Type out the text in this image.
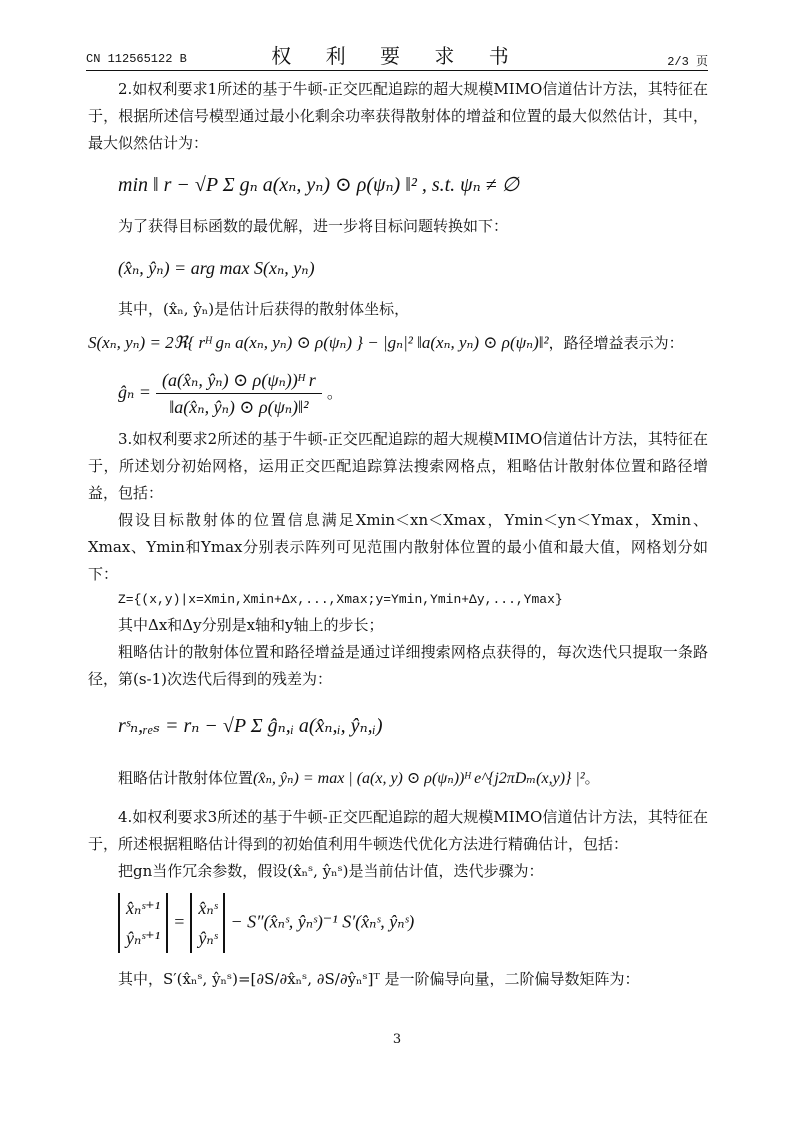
CN 112565122 B	权 利 要 求 书	2/3 页

2.如权利要求1所述的基于牛顿-正交匹配追踪的超大规模MIMO信道估计方法，其特征在于，根据所述信号模型通过最小化剩余功率获得散射体的增益和位置的最大似然估计，其中，最大似然估计为：

min ‖ r − √P Σ gₙ a(xₙ, yₙ) ⊙ ρ(ψₙ) ‖² , s.t. ψₙ ≠ ∅

为了获得目标函数的最优解，进一步将目标问题转换如下：

(x̂ₙ, ŷₙ) = arg max S(xₙ, yₙ)

其中，(x̂ₙ, ŷₙ)是估计后获得的散射体坐标，

S(xₙ, yₙ) = 2ℜ{ rᴴ gₙ a(xₙ, yₙ) ⊙ ρ(ψₙ) } − |gₙ|² ‖a(xₙ, yₙ) ⊙ ρ(ψₙ)‖²，路径增益表示为：

ĝₙ = $\frac{\text{(a(x̂ₙ, ŷₙ) ⊙ ρ(ψₙ))ᴴ r}}{\text{‖a(x̂ₙ, ŷₙ) ⊙ ρ(ψₙ)‖²}}$ 。

3.如权利要求2所述的基于牛顿-正交匹配追踪的超大规模MIMO信道估计方法，其特征在于，所述划分初始网格，运用正交匹配追踪算法搜索网格点，粗略估计散射体位置和路径增益，包括：

假设目标散射体的位置信息满足Xmin＜xn＜Xmax，Ymin＜yn＜Ymax，Xmin、Xmax、Ymin和Ymax分别表示阵列可见范围内散射体位置的最小值和最大值，网格划分如下：

Z={(x,y)|x=Xmin,Xmin+Δx,...,Xmax;y=Ymin,Ymin+Δy,...,Ymax}

其中Δx和Δy分别是x轴和y轴上的步长；

粗略估计的散射体位置和路径增益是通过详细搜索网格点获得的，每次迭代只提取一条路径，第(s-1)次迭代后得到的残差为：

rˢₙ,ᵣₑₛ = rₙ − √P Σ ĝₙ,ᵢ a(x̂ₙ,ᵢ, ŷₙ,ᵢ)

粗略估计散射体位置(x̂ₙ, ŷₙ) = max | (a(x, y) ⊙ ρ(ψₙ))ᴴ e^{j2πDₘ(x,y)} |²。

4.如权利要求3所述的基于牛顿-正交匹配追踪的超大规模MIMO信道估计方法，其特征在于，所述根据粗略估计得到的初始值利用牛顿迭代优化方法进行精确估计，包括：

把gn当作冗余参数，假设(x̂ₙˢ, ŷₙˢ)是当前估计值，迭代步骤为：

x̂ₙˢ⁺¹
ŷₙˢ⁺¹
=
x̂ₙˢ
ŷₙˢ
− S″(x̂ₙˢ, ŷₙˢ)⁻¹ S′(x̂ₙˢ, ŷₙˢ)

其中，S′(x̂ₙˢ, ŷₙˢ)=[∂S/∂x̂ₙˢ, ∂S/∂ŷₙˢ]ᵀ 是一阶偏导向量，二阶偏导数矩阵为：

3
